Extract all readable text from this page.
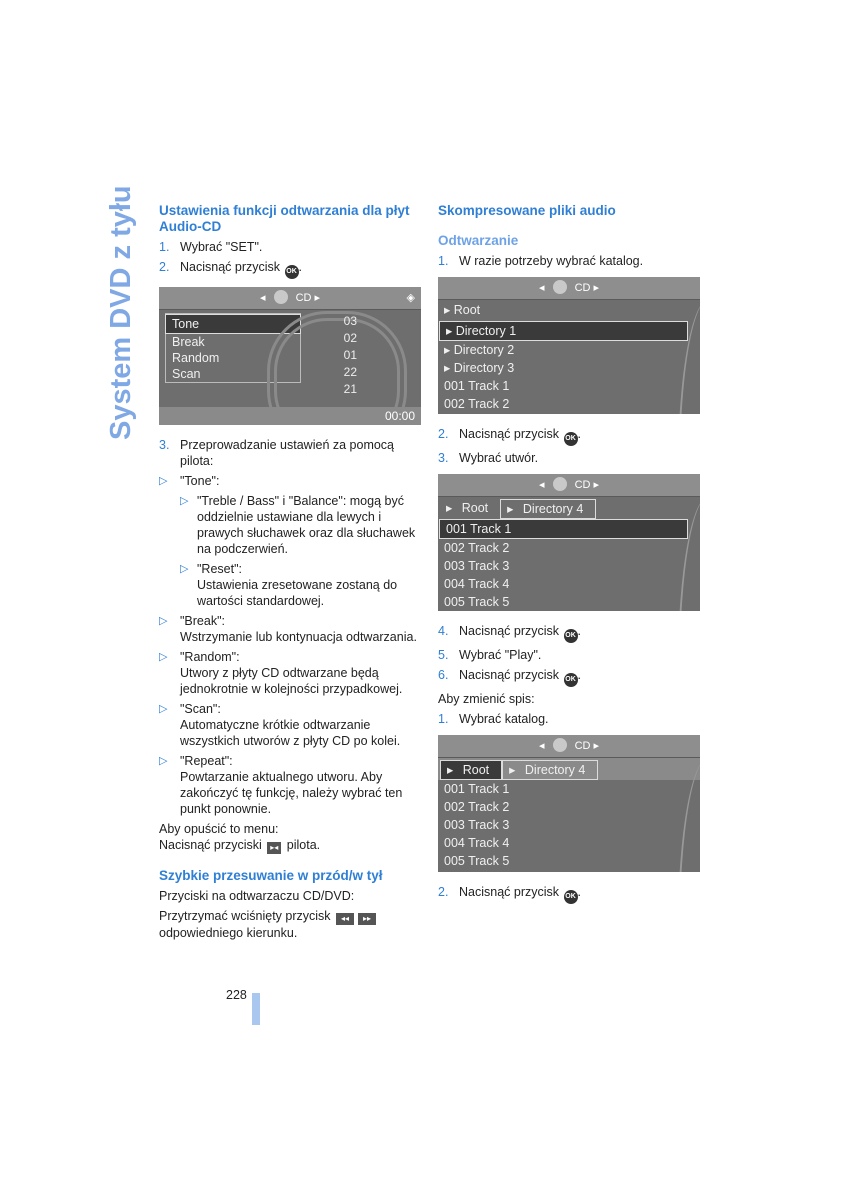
System DVD z tyłu Ustawienia funkcji odtwarzania dla płyt Audio-CD
1. Wybrać "SET".
2. Nacisnąć przycisk OK .
◂  CD ▸	◈
Tone
Break
Random
Scan
03
02
01
22
21
00:00
3. Przeprowadzanie ustawień za pomocą pilota:
▷	"Tone":
▷ "Treble / Bass" i "Balance": mogą być oddzielnie ustawiane dla lewych i prawych słuchawek oraz dla słuchawek na podczerwień.
▷ "Reset":
Ustawienia zresetowane zostaną do wartości standardowej.
▷	"Break":
Wstrzymanie lub kontynuacja odtwarzania.
▷	"Random":
Utwory z płyty CD odtwarzane będą jednokrotnie w kolejności przypadkowej.
▷	"Scan":
Automatyczne krótkie odtwarzanie wszystkich utworów z płyty CD po kolei.
▷	"Repeat":
Powtarzanie aktualnego utworu. Aby zakończyć tę funkcję, należy wybrać ten punkt ponownie.

Aby opuścić to menu:
Nacisnąć przyciski ▸◂ pilota.

Szybkie przesuwanie w przód/w tył

Przyciski na odtwarzaczu CD/DVD:

Przytrzymać wciśnięty przycisk ◂◂ ▸▸
odpowiedniego kierunku.

Skompresowane pliki audio
Odtwarzanie
1. W razie potrzeby wybrać katalog.
◂  CD ▸
▸ Root
▸ Directory 1
▸ Directory 2
▸ Directory 3
001 Track 1
002 Track 2
2. Nacisnąć przycisk OK .
3. Wybrać utwór.
◂  CD ▸
▸ Root	▸ Directory 4
001 Track 1
002 Track 2
003 Track 3
004 Track 4
005 Track 5
4. Nacisnąć przycisk OK .
5. Wybrać "Play".
6. Nacisnąć przycisk OK .

Aby zmienić spis:

1. Wybrać katalog.
◂  CD ▸
▸ Root	▸ Directory 4
001 Track 1
002 Track 2
003 Track 3
004 Track 4
005 Track 5
2. Nacisnąć przycisk OK .
228
